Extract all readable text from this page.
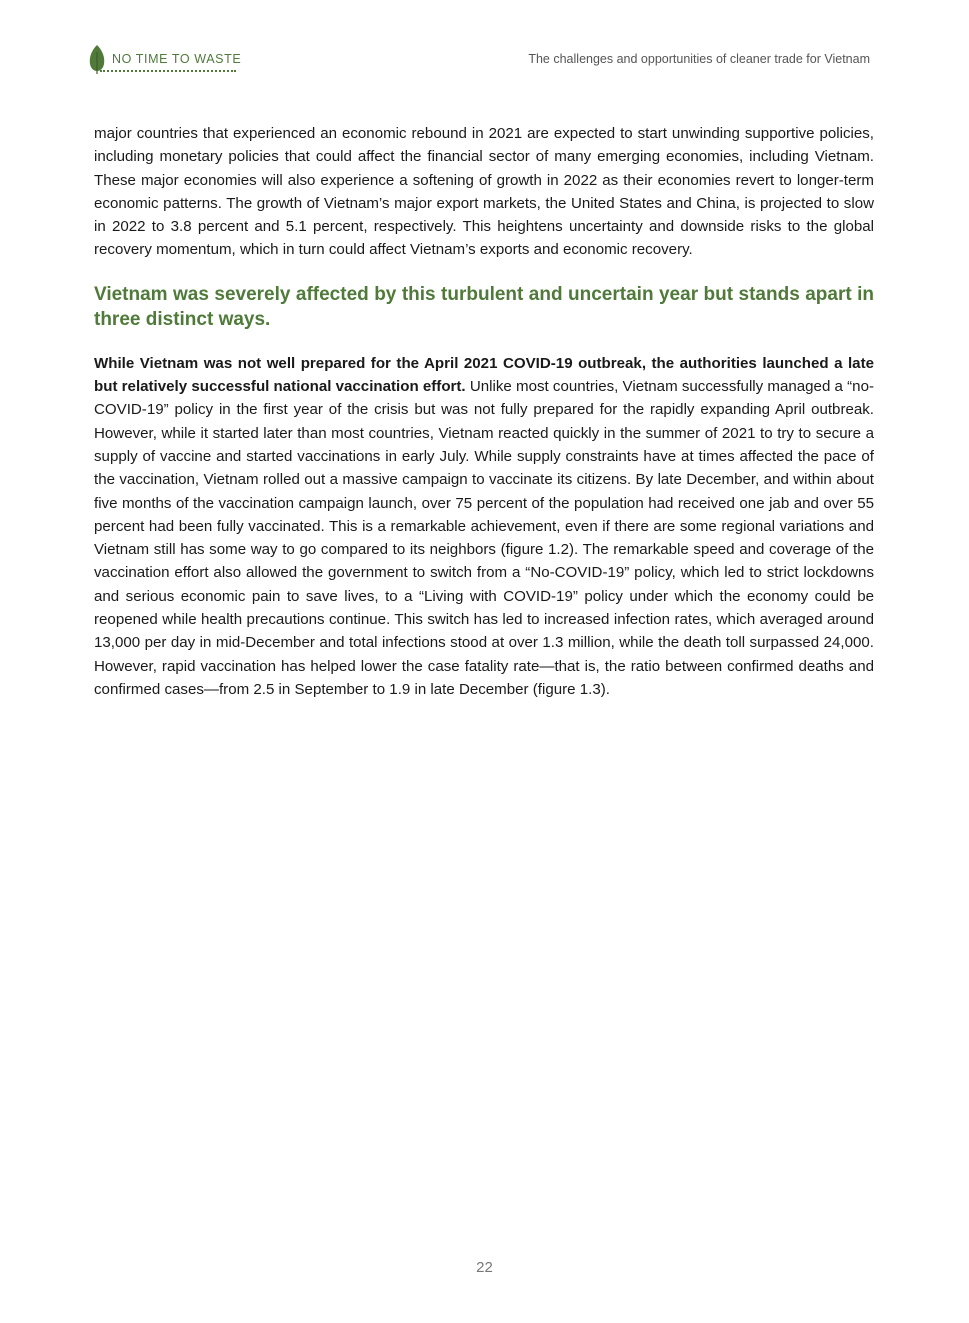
NO TIME TO WASTE	The challenges and opportunities of cleaner trade for Vietnam

major countries that experienced an economic rebound in 2021 are expected to start unwinding supportive policies, including monetary policies that could affect the financial sector of many emerging economies, including Vietnam. These major economies will also experience a softening of growth in 2022 as their economies revert to longer-term economic patterns. The growth of Vietnam’s major export markets, the United States and China, is projected to slow in 2022 to 3.8 percent and 5.1 percent, respectively. This heightens uncertainty and downside risks to the global recovery momentum, which in turn could affect Vietnam’s exports and economic recovery.

Vietnam was severely affected by this turbulent and uncertain year but stands apart in three distinct ways.

While Vietnam was not well prepared for the April 2021 COVID-19 outbreak, the authorities launched a late but relatively successful national vaccination effort. Unlike most countries, Vietnam successfully managed a “no-COVID-19” policy in the first year of the crisis but was not fully prepared for the rapidly expanding April outbreak. However, while it started later than most countries, Vietnam reacted quickly in the summer of 2021 to try to secure a supply of vaccine and started vaccinations in early July. While supply constraints have at times affected the pace of the vaccination, Vietnam rolled out a massive campaign to vaccinate its citizens. By late December, and within about five months of the vaccination campaign launch, over 75 percent of the population had received one jab and over 55 percent had been fully vaccinated. This is a remarkable achievement, even if there are some regional variations and Vietnam still has some way to go compared to its neighbors (figure 1.2). The remarkable speed and coverage of the vaccination effort also allowed the government to switch from a “No-COVID-19” policy, which led to strict lockdowns and serious economic pain to save lives, to a “Living with COVID-19” policy under which the economy could be reopened while health precautions continue. This switch has led to increased infection rates, which averaged around 13,000 per day in mid-December and total infections stood at over 1.3 million, while the death toll surpassed 24,000. However, rapid vaccination has helped lower the case fatality rate—that is, the ratio between confirmed deaths and confirmed cases—from 2.5 in September to 1.9 in late December (figure 1.3).

22
